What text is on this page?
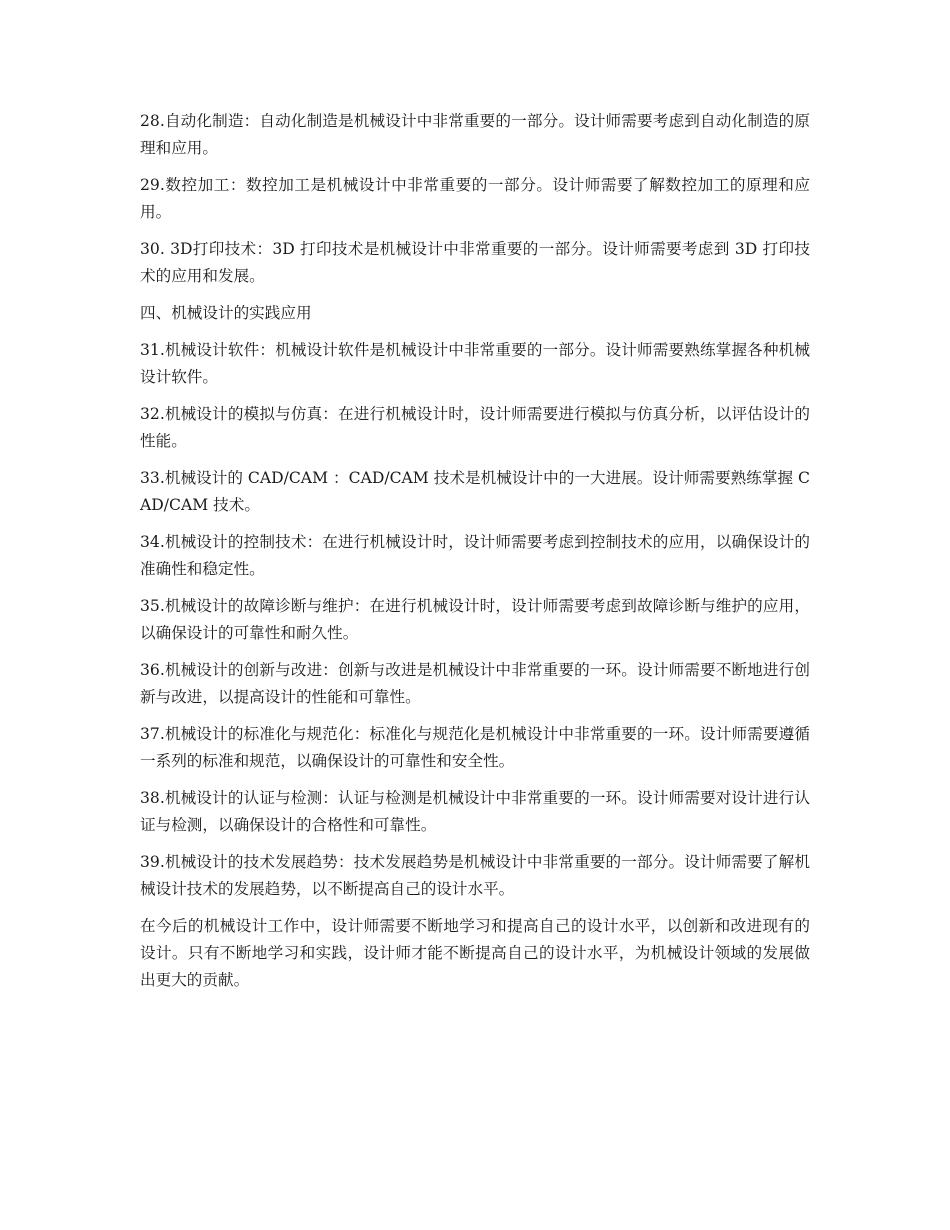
28.自动化制造：自动化制造是机械设计中非常重要的一部分。设计师需要考虑到自动化制造的原理和应用。

29.数控加工：数控加工是机械设计中非常重要的一部分。设计师需要了解数控加工的原理和应用。

30. 3D打印技术：3D 打印技术是机械设计中非常重要的一部分。设计师需要考虑到 3D 打印技术的应用和发展。

四、机械设计的实践应用

31.机械设计软件：机械设计软件是机械设计中非常重要的一部分。设计师需要熟练掌握各种机械设计软件。

32.机械设计的模拟与仿真：在进行机械设计时，设计师需要进行模拟与仿真分析，以评估设计的性能。

33.机械设计的 CAD/CAM ：CAD/CAM 技术是机械设计中的一大进展。设计师需要熟练掌握 CAD/CAM 技术。

34.机械设计的控制技术：在进行机械设计时，设计师需要考虑到控制技术的应用，以确保设计的准确性和稳定性。

35.机械设计的故障诊断与维护：在进行机械设计时，设计师需要考虑到故障诊断与维护的应用，以确保设计的可靠性和耐久性。

36.机械设计的创新与改进：创新与改进是机械设计中非常重要的一环。设计师需要不断地进行创新与改进，以提高设计的性能和可靠性。

37.机械设计的标准化与规范化：标准化与规范化是机械设计中非常重要的一环。设计师需要遵循一系列的标准和规范，以确保设计的可靠性和安全性。

38.机械设计的认证与检测：认证与检测是机械设计中非常重要的一环。设计师需要对设计进行认证与检测，以确保设计的合格性和可靠性。

39.机械设计的技术发展趋势：技术发展趋势是机械设计中非常重要的一部分。设计师需要了解机械设计技术的发展趋势，以不断提高自己的设计水平。

在今后的机械设计工作中，设计师需要不断地学习和提高自己的设计水平，以创新和改进现有的设计。只有不断地学习和实践，设计师才能不断提高自己的设计水平，为机械设计领域的发展做出更大的贡献。
